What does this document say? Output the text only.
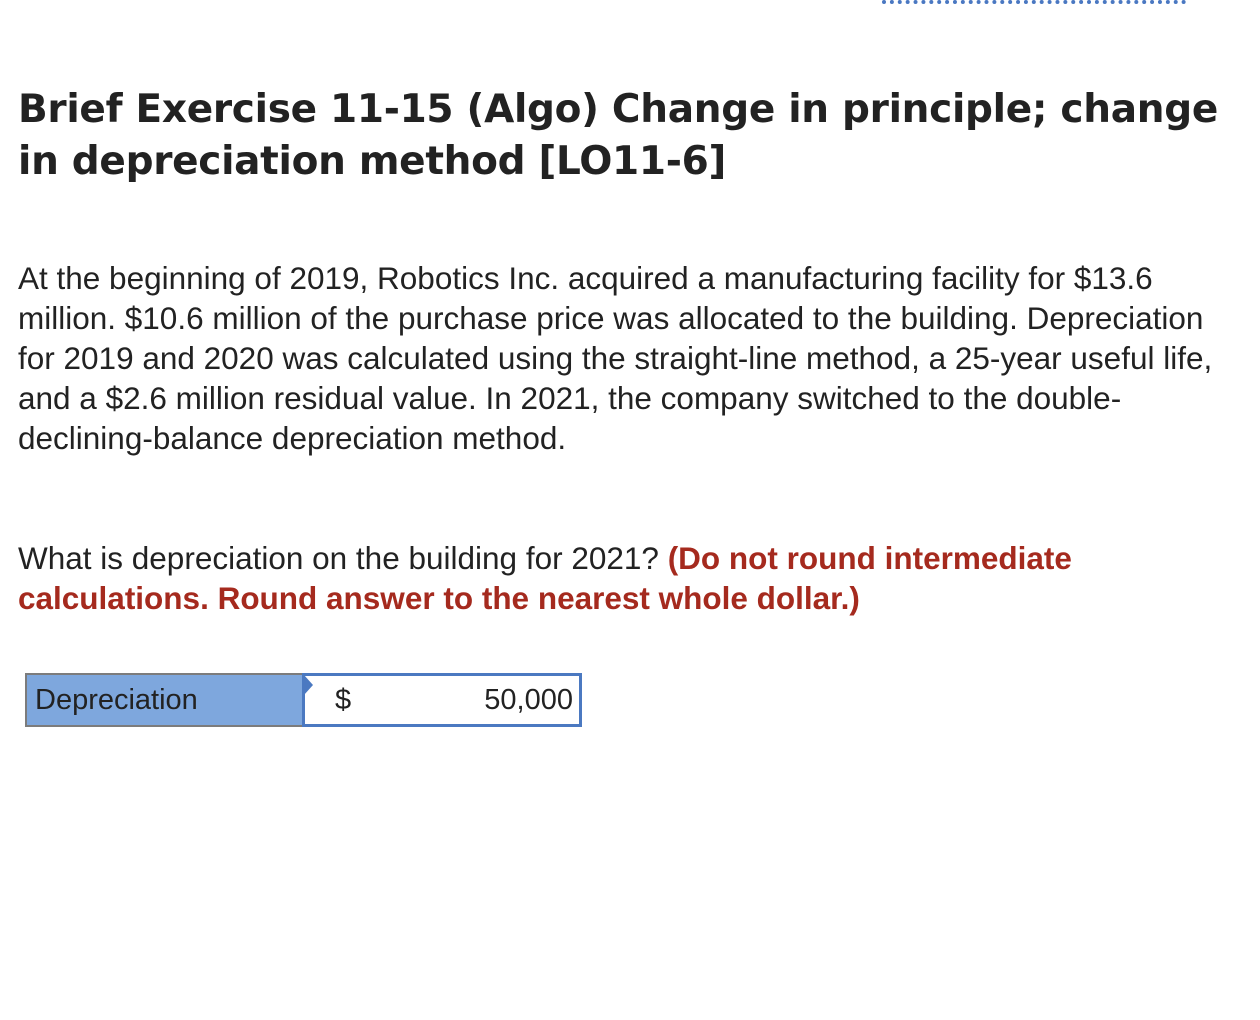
Brief Exercise 11-15 (Algo) Change in principle; change in depreciation method [LO11-6]

At the beginning of 2019, Robotics Inc. acquired a manufacturing facility for $13.6 million. $10.6 million of the purchase price was allocated to the building. Depreciation for 2019 and 2020 was calculated using the straight-line method, a 25-year useful life, and a $2.6 million residual value. In 2021, the company switched to the double-declining-balance depreciation method.

What is depreciation on the building for 2021? (Do not round intermediate calculations. Round answer to the nearest whole dollar.)

Depreciation	$
50,000
